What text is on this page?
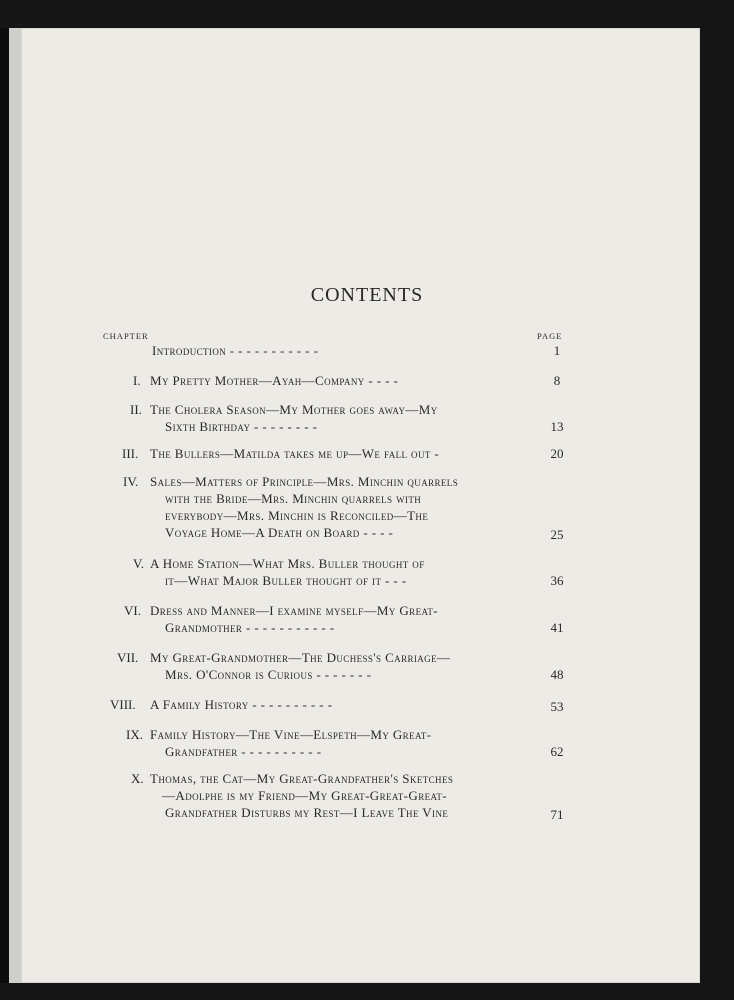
CONTENTS
CHAPTER	PAGE
Introduction - - - - - - - - - - -	1
I. My Pretty Mother—Ayah—Company - - - -	8
II. The Cholera Season—My Mother goes away—My
Sixth Birthday - - - - - - - -	13
III. The Bullers—Matilda takes me up—We fall out -	20
IV. Sales—Matters of Principle—Mrs. Minchin quarrels
with the Bride—Mrs. Minchin quarrels with
everybody—Mrs. Minchin is Reconciled—The
Voyage Home—A Death on Board - - - -	25
V. A Home Station—What Mrs. Buller thought of
it—What Major Buller thought of it - - -	36
VI. Dress and Manner—I examine myself—My Great-
Grandmother - - - - - - - - - - -	41
VII. My Great-Grandmother—The Duchess's Carriage—
Mrs. O'Connor is Curious - - - - - - -	48
VIII. A Family History - - - - - - - - - -	53
IX. Family History—The Vine—Elspeth—My Great-
Grandfather - - - - - - - - - -	62
X. Thomas, the Cat—My Great-Grandfather's Sketches
—Adolphe is my Friend—My Great-Great-Great-
Grandfather Disturbs my Rest—I Leave The Vine	71
